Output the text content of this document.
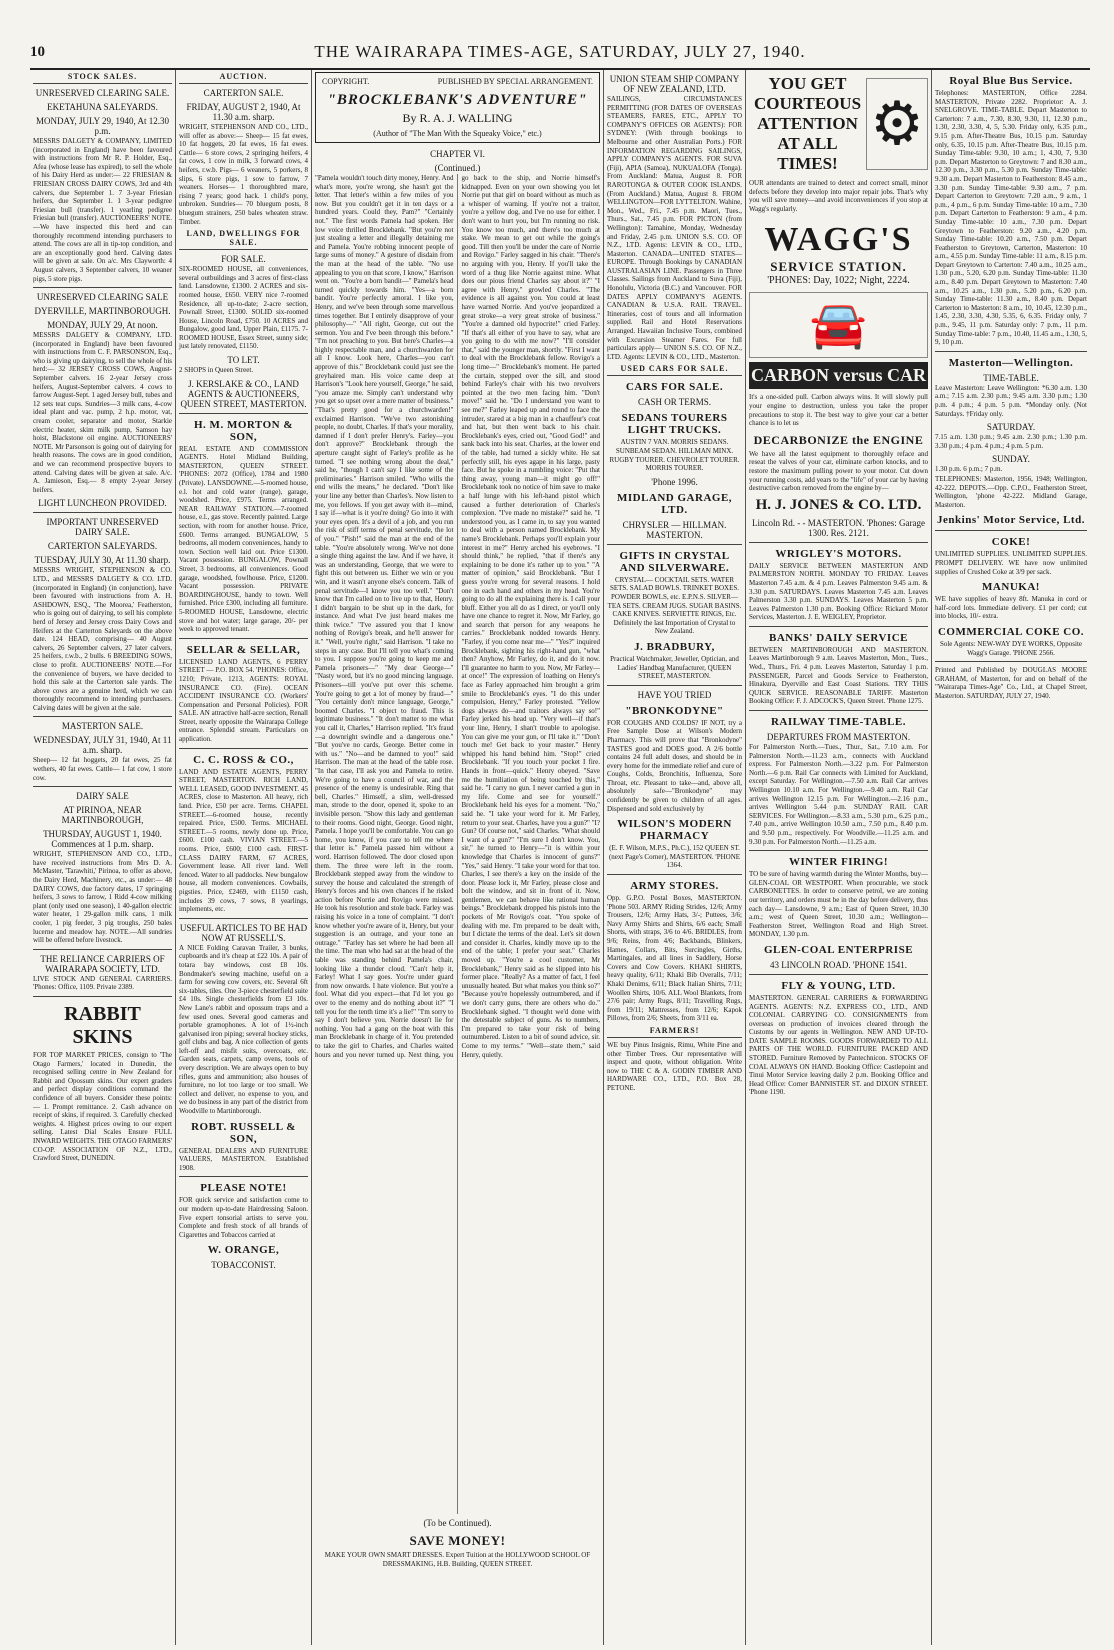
10	THE WAIRARAPA TIMES-AGE, SATURDAY, JULY 27, 1940.
STOCK SALES.
UNRESERVED CLEARING SALE.
EKETAHUNA SALEYARDS.
MONDAY, JULY 29, 1940, At 12.30 p.m.
MESSRS DALGETY & COMPANY, LIMITED (incorporated in England) have been favoured with instructions from Mr R. P. Holder, Esq., Afea (whose lease has expired), to sell the whole of his Dairy Herd as under:— 22 FRIESIAN & FRIESIAN CROSS DAIRY COWS, 3rd and 4th calvers, due September 1. 7 3-year Friesian heifers, due September 1. 1 3-year pedigree Friesian bull (transfer). 1 yearling pedigree Friesian bull (transfer). AUCTIONEERS' NOTE.—We have inspected this herd and can thoroughly recommend intending purchasers to attend. The cows are all in tip-top condition, and are an exceptionally good herd. Calving dates will be given at sale. On a/c. Mrs Clayworth: 4 August calvers, 3 September calvers, 10 weaner pigs, 5 store pigs.
UNRESERVED CLEARING SALE
DYERVILLE, MARTINBOROUGH.
MONDAY, JULY 29, At noon.
MESSRS DALGETY & COMPANY, LTD. (incorporated in England) have been favoured with instructions from C. F. PARSONSON, Esq., who is giving up dairying, to sell the whole of his herd:— 32 JERSEY CROSS COWS, August-September calvers. 16 2-year Jersey cross heifers, August-September calvers. 4 cows to farrow August-Sept. 1 aged Jersey bull, tubes and 12 sets teat cups. Sundries—3 milk cans, 4-cow ideal plant and vac. pump, 2 h.p. motor, vat, cream cooler, separator and motor, Starkie electric heater, skim milk pump, Samson hay hoist, Blackstone oil engine. AUCTIONEERS' NOTE. Mr Parsonson is going out of dairying for health reasons. The cows are in good condition, and we can recommend prospective buyers to attend. Calving dates will be given at sale. A/c. A. Jamieson, Esq.— 8 empty 2-year Jersey heifers.
LIGHT LUNCHEON PROVIDED.
IMPORTANT UNRESERVED DAIRY SALE.
CARTERTON SALEYARDS.
TUESDAY, JULY 30, At 11.30 sharp.
MESSRS WRIGHT, STEPHENSON & CO. LTD., and MESSRS DALGETY & CO. LTD. (incorporated in England) (in conjunction), have been favoured with instructions from A. H. ASHDOWN, ESQ., 'The Moorea,' Featherston, who is going out of dairying, to sell his complete herd of Jersey and Jersey cross Dairy Cows and Heifers at the Carterton Saleyards on the above date. 124 HEAD, comprising— 40 August calvers, 26 September calvers, 27 later calvers, 25 heifers, r.w.b., 2 bulls. 6 BREEDING SOWS, close to profit. AUCTIONEERS' NOTE.—For the convenience of buyers, we have decided to hold this sale at the Carterton sale yards. The above cows are a genuine herd, which we can thoroughly recommend to intending purchasers. Calving dates will be given at the sale.
MASTERTON SALE.
WEDNESDAY, JULY 31, 1940, At 11 a.m. sharp.
Sheep— 12 fat hoggets, 20 fat ewes, 25 fat wethers, 40 fat ewes. Cattle— 1 fat cow, 1 store cow.
DAIRY SALE
AT PIRINOA, NEAR MARTINBOROUGH,
THURSDAY, AUGUST 1, 1940. Commences at 1 p.m. sharp.
WRIGHT, STEPHENSON AND CO., LTD., have received instructions from Mrs D. A. McMaster, 'Tarawhiti,' Pirinoa, to offer as above, the Dairy Herd, Machinery, etc., as under:— 48 DAIRY COWS, due factory dates, 17 springing heifers, 3 sows to farrow, 1 Ridd 4-cow milking plant (only used one season), 1 40-gallon electric water heater, 1 29-gallon milk cans, 1 milk cooler, 1 pig feeder, 3 pig troughs, 250 bales lucerne and meadow hay. NOTE.—All sundries will be offered before livestock.
THE RELIANCE CARRIERS OF WAIRARAPA SOCIETY, LTD.
LIVE STOCK AND GENERAL CARRIERS. 'Phones: Office, 1109. Private 2389.
RABBIT SKINS
FOR TOP MARKET PRICES, consign to 'The Otago Farmers,' located in Dunedin, the recognised selling centre in New Zealand for Rabbit and Opossum skins. Our expert graders and perfect display conditions command the confidence of all buyers. Consider these points:— 1. Prompt remittance. 2. Cash advance on receipt of skins, if required. 3. Carefully checked weights. 4. Highest prices owing to our expert selling. Latest Dial Scales Ensure FULL INWARD WEIGHTS. THE OTAGO FARMERS' CO-OP. ASSOCIATION OF N.Z., LTD., Crawford Street, DUNEDIN.
AUCTION.
CARTERTON SALE.
FRIDAY, AUGUST 2, 1940, At 11.30 a.m. sharp.
WRIGHT, STEPHENSON AND CO., LTD., will offer as above:— Sheep— 15 fat ewes, 10 fat hoggets, 20 fat ewes, 16 fat ewes. Cattle— 6 store cows, 2 springing heifers, 4 fat cows, 1 cow in milk, 3 forward cows, 4 heifers, r.w.b. Pigs— 6 weaners, 5 porkers, 8 slips, 6 store pigs, 1 sow to farrow, 7 weaners. Horses— 1 thoroughbred mare, rising 7 years; good hack. 1 child's pony, unbroken. Sundries— 70 bluegum posts, 8 bluegum strainers, 250 bales wheaten straw. Timber.
LAND, DWELLINGS FOR SALE.
FOR SALE.
SIX-ROOMED HOUSE, all conveniences, several outbuildings and 3 acres of first-class land. Lansdowne, £1300. 2 ACRES and six-roomed house, £650. VERY nice 7-roomed Residence, all up-to-date; 2-acre section, Pownall Street, £1300. SOLID six-roomed House, Lincoln Road, £750. 10 ACRES and Bungalow, good land, Upper Plain, £1175. 7-ROOMED HOUSE, Essex Street, sunny side; just lately renovated, £1150.
TO LET.
2 SHOPS in Queen Street.
J. KERSLAKE & CO., LAND AGENTS & AUCTIONEERS, QUEEN STREET, MASTERTON.
H. M. MORTON & SON,
REAL ESTATE AND COMMISSION AGENTS. Hotel Midland Building, MASTERTON, QUEEN STREET. 'PHONES: 2072 (Office), 1784 and 1980 (Private). LANSDOWNE.—5-roomed house, e.l. hot and cold water (range), garage, woodshed. Price, £975. Terms arranged. NEAR RAILWAY STATION.—7-roomed house, e.l., gas stove. Recently painted. Large section, with room for another house. Price, £600. Terms arranged. BUNGALOW, 5 bedrooms, all modern conveniences, handy to town. Section well laid out. Price £1300. Vacant possession. BUNGALOW, Pownall Street, 3 bedrooms, all conveniences. Good garage, woodshed, fowlhouse. Price, £1200. Vacant possession. PRIVATE BOARDINGHOUSE, handy to town. Well furnished. Price £300, including all furniture. 5-ROOMED HOUSE, Lansdowne, electric stove and hot water; large garage, 20/- per week to approved tenant.
SELLAR & SELLAR,
LICENSED LAND AGENTS, 6 PERRY STREET — P.O. BOX 54. 'PHONES: Office, 1210; Private, 1213, AGENTS: ROYAL INSURANCE CO. (Fire). OCEAN ACCIDENT INSURANCE CO. (Workers' Compensation and Personal Policies). FOR SALE. AN attractive half-acre section, Renall Street, nearly opposite the Wairarapa College entrance. Splendid stream. Particulars on application.
C. C. ROSS & CO.,
LAND AND ESTATE AGENTS, PERRY STREET, MASTERTON. RICH LAND, WELL LEASED, GOOD INVESTMENT. 45 ACRES, close to Masterton. All heavy, rich land. Price, £50 per acre. Terms. CHAPEL STREET.—6-roomed house, recently repaired. Price, £500. Terms. MICHAEL STREET.—5 rooms, newly done up. Price, £600. £100 cash. VIVIAN STREET.—5 rooms. Price, £600; £100 cash. FIRST-CLASS DAIRY FARM, 67 ACRES, Government lease. All river land. Well fenced. Water to all paddocks. New bungalow house, all modern conveniences. Cowbails, pigsties. Price, £2469, with £1150 cash, includes 39 cows, 7 sows, 8 yearlings, implements, etc.
USEFUL ARTICLES TO BE HAD NOW AT RUSSELL'S.
A NICE Folding Caravan Trailer, 3 bunks, cupboards and it's cheap at £22 10s. A pair of totara bay windows, cost £8 10s. Bondmaker's sewing machine, useful on a farm for sewing cow covers, etc. Several 6ft six-tables, tiles. One 3-piece chesterfield suite £4 10s. Single chesterfields from £3 10s. New Lane's rabbit and opossum traps and a few used ones. Several good cameras and portable gramophones. A lot of 1½-inch galvanised iron piping; several hockey sticks, golf clubs and bag. A nice collection of gents left-off and misfit suits, overcoats, etc. Garden seats, carpets, camp ovens, tools of every description. We are always open to buy rifles, guns and ammunition; also houses of furniture, no lot too large or too small. We collect and deliver, no expense to you, and we do business in any part of the district from Woodville to Martinborough.
ROBT. RUSSELL & SON,
GENERAL DEALERS AND FURNITURE VALUERS, MASTERTON. Established 1908.
PLEASE NOTE!
FOR quick service and satisfaction come to our modern up-to-date Hairdressing Saloon. Five expert tonsorial artists to serve you. Complete and fresh stock of all brands of Cigarettes and Tobaccos carried at
W. ORANGE,
TOBACCONIST.
COPYRIGHT.	PUBLISHED BY SPECIAL ARRANGEMENT.
"BROCKLEBANK'S ADVENTURE"
By R. A. J. WALLING
(Author of "The Man With the Squeaky Voice," etc.)
CHAPTER VI.
(Continued.)
"Pamela wouldn't touch dirty money, Henry. And what's more, you're wrong, she hasn't got the letter. That letter's within a few miles of you now. But you couldn't get it in ten days or a hundred years. Could they, Pam?" "Certainly not." The first words Pamela had spoken. Her low voice thrilled Brocklebank. "But you're not just stealing a letter and illegally detaining me and Pamela. You're robbing innocent people of large sums of money." A gesture of disdain from the man at the head of the table. "No use appealing to you on that score, I know," Harrison went on. "You're a born bandit—" Pamela's head turned quickly towards him. "Yes—a born bandit. You're perfectly amoral. I like you, Henry, and we've been through some marvellous times together. But I entirely disapprove of your philosophy—" "All right, George, cut out the sermon. You and I've been through this before." "I'm not preaching to you. But here's Charles—a highly respectable man, and a churchwarden for all I know. Look here, Charles—you can't approve of this." Brocklebank could just see the greyhaired man. His voice came deep at Harrison's "Look here yourself, George," he said, "you amaze me. Simply can't understand why you get so upset over a mere matter of business." "That's pretty good for a churchwarden!" exclaimed Harrison. "We've two astonishing people, no doubt, Charles. If that's your morality, damned if I don't prefer Henry's. Farley—you don't approve?" Brocklebank through the aperture caught sight of Farley's profile as he turned. "I see nothing wrong about the deal," said he, "though I can't say I like some of the preliminaries." Harrison smiled. "Who wills the end wills the means," he declared. "Don't like your line any better than Charles's. Now listen to me, you fellows. If you get away with it—mind, I say if—what is it you're doing? Go into it with your eyes open. It's a devil of a job, and you run the risk of stiff terms of penal servitude, the lot of you." "Pish!" said the man at the end of the table. "You're absolutely wrong. We've not done a single thing against the law. And if we have, it was an understanding, George, that we were to fight this out between us. Either we win or you win, and it wasn't anyone else's concern. Talk of penal servitude—I know you too well." "Don't know that I'm called on to live up to that, Henry. I didn't bargain to be shut up in the dark, for instance. And what I've just heard makes me think twice." "I've assured you that I know nothing of Rovigo's break, and he'll answer for it." "Well, you're right," said Harrison. "I take no steps in any case. But I'll tell you what's coming to you. I suppose you're going to keep me and Pamela prisoners—" "My dear George—" "Nasty word, but it's no good mincing language. Prisoners—till you've put over this scheme. You're going to get a lot of money by fraud—" "You certainly don't mince language, George," boomed Charles. "I object to fraud. This is legitimate business." "It don't matter to me what you call it, Charles," Harrison replied. "It's fraud—a downright swindle and a dangerous one." "But you've no cards, George. Better come in with us." "No—and be damned to you!" said Harrison. The man at the head of the table rose. "In that case, I'll ask you and Pamela to retire. We're going to have a council of war, and the presence of the enemy is undesirable. Ring that bell, Charles." Himself, a slim, well-dressed man, strode to the door, opened it, spoke to an invisible person. "Show this lady and gentleman to their rooms. Good night, George. Good night, Pamela. I hope you'll be comfortable. You can go home, you know, if you care to tell me where that letter is." Pamela passed him without a word. Harrison followed. The door closed upon them. The three were left in the room. Brocklebank stepped away from the window to survey the house and calculated the strength of Henry's forces and his own chances if he risked action before Norrie and Rovigo were missed. He took his resolution and stole back. Farley was raising his voice in a tone of complaint. "I don't know whether you're aware of it, Henry, but your suggestion is an outrage, and your tone an outrage." "Farley has set where he had been all the time. The man who had sat at the head of the table was standing behind Pamela's chair, looking like a thunder cloud. "Can't help it, Farley! What I say goes. You're under guard from now onwards. I hate violence. But you're a fool. What did you expect—that I'd let you go over to the enemy and do nothing about it?" "I tell you for the tenth time it's a lie!" "I'm sorry to say I don't believe you. Norrie doesn't lie for nothing. You had a gang on the boat with this man Brocklebank in charge of it. You pretended to take the girl to Charles, and Charles waited hours and you never turned up. Next thing, you go back to the ship, and Norrie himself's kidnapped. Even on your own showing you let Norrie put that girl on board without as much as a whisper of warning. If you're not a traitor, you're a yellow dog, and I've no use for either. I don't want to hurt you, but I'm running no risk. You know too much, and there's too much at stake. We mean to get out while the going's good. Till then you'll be under the care of Norrie and Rovigo." Farley sagged in his chair. "There's no arguing with you, Henry. If you'll take the word of a thug like Norrie against mine. What does our pious friend Charles say about it?" "I agree with Henry," growled Charles. "The evidence is all against you. You could at least have warned Norrie. And you've jeopardized a great stroke—a very great stroke of business." "You're a damned old hypocrite!" cried Farley. "If that's all either of you have to say, what are you going to do with me now?" "I'll consider that," said the younger man, shortly. "First I want to deal with the Brocklebank fellow. Rovigo's a long time—" Brocklebank's moment. He parted the curtain, stepped over the sill, and stood behind Farley's chair with his two revolvers pointed at the two men facing him. "Don't move!" said he. "Do I understand you want to see me?" Farley leaped up and round to face the intruder, stared at a big man in a chauffeur's coat and hat, but then went back to his chair. Brocklebank's eyes, cried out, "Good God!" and sank back into his seat. Charles, at the lower end of the table, had turned a sickly white. He sat perfectly still, his eyes agape in his large, pasty face. But he spoke in a rumbling voice: "Put that thing away, young man—it might go off!" Brocklebank took no notice of him save to make a half lunge with his left-hand pistol which caused a further deterioration of Charles's complexion. "I've made no mistake?" said he. "I understood you, as I came in, to say you wanted to deal with a person named Brocklebank. My name's Brocklebank. Perhaps you'll explain your interest in me?" Henry arched his eyebrows. "I should think," he replied, "that if there's any explaining to be done it's rather up to you." "A matter of opinion," said Brocklebank. "But I guess you're wrong for several reasons. I hold one in each hand and others in my head. You're going to do all the explaining there is. I call your bluff. Either you all do as I direct, or you'll only have one chance to regret it. Now, Mr Farley, go and search that person for any weapons he carries." Brocklebank nodded towards Henry. "Farley, if you come near me—" "Yes?" inquired Brocklebank, sighting his right-hand gun, "what then? Anyhow, Mr Farley, do it, and do it now. I'll guarantee no harm to you. Now, Mr Farley—at once!" The expression of loathing on Henry's face as Farley approached him brought a grim smile to Brocklebank's eyes. "I do this under compulsion, Henry," Farley protested. "Yellow dogs always do—and traitors always say so!" Farley jerked his head up. "Very well—if that's your line, Henry, I shan't trouble to apologise. You can give me your gun, or I'll take it." "Don't touch me! Get back to your master." Henry whipped his hand behind him. "Stop!" cried Brocklebank. "If you touch your pocket I fire. Hands in front—quick." Henry obeyed. "Save me the humiliation of being touched by this," said he. "I carry no gun. I never carried a gun in my life. Come and see for yourself." Brocklebank held his eyes for a moment. "No," said he. "I take your word for it. Mr Farley, return to your seat. Charles, have you a gun?" "I? Gun? Of course not," said Charles. "What should I want of a gun?" "I'm sure I don't know. You, sir," he turned to Henry—"it is within your knowledge that Charles is innocent of guns?" "Yes," said Henry. "I take your word for that too. Charles, I see there's a key on the inside of the door. Please lock it, Mr Farley, please close and bolt the window, and sit in front of it. Now, gentlemen, we can behave like rational human beings." Brocklebank dropped his pistols into the pockets of Mr Rovigo's coat. "You spoke of dealing with me. I'm prepared to be dealt with, but I dictate the terms of the deal. Let's sit down and consider it. Charles, kindly move up to the end of the table; I prefer your seat." Charles moved up. "You're a cool customer, Mr Brocklebank," Henry said as he slipped into his former place. "Really? As a matter of fact, I feel unusually heated. But what makes you think so?" "Because you're hopelessly outnumbered, and if we don't carry guns, there are others who do." Brocklebank sighed. "I thought we'd done with the detestable subject of guns. As to numbers, I'm prepared to take your risk of being outnumbered. Listen to a bit of sound advice, sir. Come to my terms." "Well—state them," said Henry, quietly.
(To be Continued).
SAVE MONEY!
MAKE YOUR OWN SMART DRESSES. Expert Tuition at the HOLLYWOOD SCHOOL OF DRESSMAKING, H.B. Building, QUEEN STREET.
UNION STEAM SHIP COMPANY OF NEW ZEALAND, LTD.
SAILINGS, CIRCUMSTANCES PERMITTING (FOR DATES OF OVERSEAS STEAMERS, FARES, ETC., APPLY TO COMPANY'S OFFICES OR AGENTS): FOR SYDNEY: (With through bookings to Melbourne and other Australian Ports.) FOR INFORMATION REGARDING SAILINGS, APPLY COMPANY'S AGENTS. FOR SUVA (Fiji), APIA (Samoa), NUKUALOFA (Tonga). From Auckland: Matua, August 8. FOR RAROTONGA & OUTER COOK ISLANDS. (From Auckland.) Matua, August 8. FROM WELLINGTON—FOR LYTTELTON. Wahine, Mon., Wed., Fri., 7.45 p.m. Maori, Tues., Thurs., Sat., 7.45 p.m. FOR PICTON (from Wellington): Tamahine, Monday, Wednesday and Friday, 2.45 p.m. UNION S.S. CO. OF N.Z., LTD. Agents: LEVIN & CO., LTD., Masterton. CANADA—UNITED STATES—EUROPE. Through Bookings by CANADIAN AUSTRALASIAN LINE. Passengers in Three Classes. Sailings from Auckland to Suva (Fiji), Honolulu, Victoria (B.C.) and Vancouver. FOR DATES APPLY COMPANY'S AGENTS. CANADIAN & U.S.A. RAIL TRAVEL. Itineraries, cost of tours and all information supplied. Rail and Hotel Reservations Arranged. Hawaiian Inclusive Tours, combined with Excursion Steamer Fares. For full particulars apply— UNION S.S. CO. OF N.Z., LTD. Agents: LEVIN & CO., LTD., Masterton.
USED CARS FOR SALE.
CARS FOR SALE.
CASH OR TERMS.
SEDANS TOURERS LIGHT TRUCKS.
AUSTIN 7 VAN. MORRIS SEDANS. SUNBEAM SEDAN. HILLMAN MINX. RUGBY TOURER. CHEVROLET TOURER. MORRIS TOURER.
'Phone 1996.
MIDLAND GARAGE, LTD.
CHRYSLER — HILLMAN. MASTERTON.
GIFTS IN CRYSTAL AND SILVERWARE.
CRYSTAL— COCKTAIL SETS. WATER SETS. SALAD BOWLS. TRINKET BOXES. POWDER BOWLS, etc. E.P.N.S. SILVER— TEA SETS. CREAM JUGS. SUGAR BASINS. CAKE KNIVES. SERVIETTE RINGS, Etc. Definitely the last Importation of Crystal to New Zealand.
J. BRADBURY,
Practical Watchmaker, Jeweller, Optician, and Ladies' Handbag Manufacturer, QUEEN STREET, MASTERTON.
HAVE YOU TRIED
"BRONKODYNE"
FOR COUGHS AND COLDS? IF NOT, try a Free Sample Dose at Wilson's Modern Pharmacy. This will prove that "Bronkodyne" TASTES good and DOES good. A 2/6 bottle contains 24 full adult doses, and should be in every home for the immediate relief and cure of Coughs, Colds, Bronchitis, Influenza, Sore Throat, etc. Pleasant to take—and, above all, absolutely safe—"Bronkodyne" may confidently be given to children of all ages. Dispensed and sold exclusively by
WILSON'S MODERN PHARMACY
(E. F. Wilson, M.P.S., Ph.C.), 152 QUEEN ST. (next Page's Corner), MASTERTON. 'PHONE 1364.
ARMY STORES.
Opp. G.P.O. Postal Boxes, MASTERTON. 'Phone 503. ARMY Riding Strides, 12/6; Army Trousers, 12/6; Army Hats, 3/-; Puttees, 3/6; Navy Army Shirts and Shirts, 6/6 each; Small Shorts, with straps, 3/6 to 4/6. BRIDLES, from 9/6; Reins, from 4/6; Backbands, Blinkers, Hames, Collars, Bits, Surcingles, Girths, Martingales, and all lines in Saddlery, Horse Covers and Cow Covers. KHAKI SHIRTS, heavy quality, 6/11; Khaki Bib Overalls, 7/11; Khaki Denims, 6/11; Black Italian Shirts, 7/11; Woollen Shirts, 10/6. ALL Wool Blankets, from 27/6 pair; Army Rugs, 8/11; Travelling Rugs, from 19/11; Mattresses, from 12/6; Kapok Pillows, from 2/6; Sheets, from 3/11 ea.
FARMERS!
WE buy Pinus Insignis, Rimu, White Pine and other Timber Trees. Our representative will inspect and quote, without obligation. Write now to THE C & A. GODIN TIMBER AND HARDWARE CO., LTD., P.O. Box 28, PETONE.
YOU GET COURTEOUS ATTENTION AT ALL TIMES!
⚙
OUR attendants are trained to detect and correct small, minor defects before they develop into major repair jobs. That's why you will save money—and avoid inconveniences if you stop at Wagg's regularly.
WAGG'S
SERVICE STATION.
'PHONES: Day, 1022; Night, 2224.
🚘
CARBON versus CAR
It's a one-sided pull. Carbon always wins. It will slowly pull your engine to destruction, unless you take the proper precautions to stop it. The best way to give your car a better chance is to let us
DECARBONIZE the ENGINE
We have all the latest equipment to thoroughly reface and reseat the valves of your car, eliminate carbon knocks, and to restore the maximum pulling power to your motor. Cut down your running costs, add years to the "life" of your car by having destructive carbon removed from the engine by—
H. J. JONES & CO. LTD.
Lincoln Rd. - - MASTERTON. 'Phones: Garage 1300. Res. 2121.
WRIGLEY'S MOTORS.
DAILY SERVICE BETWEEN MASTERTON AND PALMERSTON NORTH. MONDAY TO FRIDAY. Leaves Masterton 7.45 a.m. & 4 p.m. Leaves Palmerston 9.45 a.m. & 3.30 p.m. SATURDAYS. Leaves Masterton 7.45 a.m. Leaves Palmerston 3.30 p.m. SUNDAYS. Leaves Masterton 5 p.m. Leaves Palmerston 1.30 p.m. Booking Office: Rickard Motor Services, Masterton. J. E. WEIGLEY, Proprietor.
BANKS' DAILY SERVICE
BETWEEN MARTINBOROUGH AND MASTERTON. Leaves Martinborough 9 a.m. Leaves Masterton, Mon., Tues., Wed., Thurs., Fri. 4 p.m. Leaves Masterton, Saturday 1 p.m. PASSENGER, Parcel and Goods Service to Featherston, Hinakura, Dyerville and East Coast Stations. TRY THIS QUICK SERVICE. REASONABLE TARIFF. Masterton Booking Office: F. J. ADCOCK'S, Queen Street. 'Phone 1275.
RAILWAY TIME-TABLE.
DEPARTURES FROM MASTERTON.
For Palmerston North.—Tues., Thur., Sat., 7.10 a.m. For Palmerston North.—11.23 a.m., connects with Auckland express. For Palmerston North.—3.22 p.m. For Palmerston North.—6 p.m. Rail Car connects with Limited for Auckland, except Saturday. For Wellington.—7.50 a.m. Rail Car arrives Wellington 10.10 a.m. For Wellington.—9.40 a.m. Rail Car arrives Wellington 12.15 p.m. For Wellington.—2.16 p.m., arrives Wellington 5.44 p.m. SUNDAY RAIL CAR SERVICES. For Wellington.—8.33 a.m., 5.30 p.m., 6.25 p.m., 7.40 p.m., arrive Wellington 10.50 a.m., 7.50 p.m., 8.40 p.m. and 9.50 p.m., respectively. For Woodville.—11.25 a.m. and 9.30 p.m. For Palmerston North.—11.25 a.m.
WINTER FIRING!
TO be sure of having warmth during the Winter Months, buy— GLEN-COAL OR WESTPORT. When procurable, we stock CARBONETTES. In order to conserve petrol, we are zoning our territory, and orders must be in the day before delivery, thus each day— Lansdowne, 9 a.m.; East of Queen Street, 10.30 a.m.; west of Queen Street, 10.30 a.m.; Wellington—Featherston Street, Wellington Road and High Street. MONDAY, 1.30 p.m.
GLEN-COAL ENTERPRISE
43 LINCOLN ROAD. 'PHONE 1541.
FLY & YOUNG, LTD.
MASTERTON. GENERAL CARRIERS & FORWARDING AGENTS. AGENTS: N.Z. EXPRESS CO., LTD., AND COLONIAL CARRYING CO. CONSIGNMENTS from overseas on production of invoices cleared through the Customs by our agents in Wellington. NEW AND UP-TO-DATE SAMPLE ROOMS. GOODS FORWARDED TO ALL PARTS OF THE WORLD. FURNITURE PACKED AND STORED. Furniture Removed by Pantechnicon. STOCKS OF COAL ALWAYS ON HAND. Booking Office: Castlepoint and Tinui Motor Service leaving daily 2 p.m. Booking Office and Head Office: Corner BANNISTER ST. and DIXON STREET. 'Phone 1190.
Royal Blue Bus Service.
Telephones: MASTERTON, Office 2284. MASTERTON, Private 2282. Proprietor: A. J. SNELGROVE. TIME-TABLE. Depart Masterton to Carterton: 7 a.m., 7.30, 8.30, 9.30, 11, 12.30 p.m., 1.30, 2.30, 3.30, 4, 5, 5.30. Friday only, 6.35 p.m., 9.15 p.m. After-Theatre Bus, 10.15 p.m. Saturday only, 6.35, 10.15 p.m. After-Theatre Bus, 10.15 p.m. Sunday Time-table: 9.30, 10 a.m.; 1, 4.30, 7, 9.30 p.m. Depart Masterton to Greytown: 7 and 8.30 a.m., 12.30 p.m., 3.30 p.m., 5.30 p.m. Sunday Time-table: 9.30 a.m. Depart Masterton to Featherston: 8.45 a.m., 3.30 p.m. Sunday Time-table: 9.30 a.m., 7 p.m. Depart Carterton to Greytown: 7.20 a.m., 9 a.m., 1 p.m., 4 p.m., 6 p.m. Sunday Time-table: 10 a.m., 7.30 p.m. Depart Carterton to Featherston: 9 a.m., 4 p.m. Sunday Time-table: 10 a.m., 7.30 p.m. Depart Greytown to Featherston: 9.20 a.m., 4.20 p.m. Sunday Time-table: 10.20 a.m., 7.50 p.m. Depart Featherston to Greytown, Carterton, Masterton: 10 a.m., 4.55 p.m. Sunday Time-table: 11 a.m., 8.15 p.m. Depart Greytown to Carterton: 7.40 a.m., 10.25 a.m., 1.30 p.m., 5.20, 6.20 p.m. Sunday Time-table: 11.30 a.m., 8.40 p.m. Depart Greytown to Masterton: 7.40 a.m., 10.25 a.m., 1.30 p.m., 5.20 p.m., 6.20 p.m. Sunday Time-table: 11.30 a.m., 8.40 p.m. Depart Carterton to Masterton: 8 a.m., 10, 10.45, 12.30 p.m., 1.45, 2.30, 3.30, 4.30, 5.35, 6, 6.35. Friday only, 7 p.m., 9.45, 11 p.m. Saturday only: 7 p.m., 11 p.m. Sunday Time-table: 7 p.m., 10.40, 11.45 a.m., 1.30, 5, 9, 10 p.m.
Masterton—Wellington.
TIME-TABLE.
Leave Masterton: Leave Wellington: *6.30 a.m. 1.30 a.m.; 7.15 a.m. 2.30 p.m.; 9.45 a.m. 3.30 p.m.; 1.30 p.m. 4 p.m.; 4 p.m. 5 p.m. *Monday only. (Not Saturdays. †Friday only.
SATURDAY.
7.15 a.m. 1.30 p.m.; 9.45 a.m. 2.30 p.m.; 1.30 p.m. 3.30 p.m.; 4 p.m. 4 p.m.; 4 p.m. 5 p.m.
SUNDAY.
1.30 p.m. 6 p.m.; 7 p.m.
TELEPHONES: Masterton, 1956, 1948; Wellington, 42-222. DEPOTS.—Opp. C.P.O., Featherston Street, Wellington, 'phone 42-222. Midland Garage, Masterton.
Jenkins' Motor Service, Ltd.
COKE!
UNLIMITED SUPPLIES. UNLIMITED SUPPLIES. PROMPT DELIVERY. WE have now unlimited supplies of Crushed Coke at 3/9 per sack.
MANUKA!
WE have supplies of heavy 8ft. Manuka in cord or half-cord lots. Immediate delivery. £1 per cord; cut into blocks, 10/- extra.
COMMERCIAL COKE CO.
Sole Agents: NEW-WAY DYE WORKS, Opposite Wagg's Garage. 'PHONE 2566.
Printed and Published by DOUGLAS MOORE GRAHAM, of Masterton, for and on behalf of the "Wairarapa Times-Age" Co., Ltd., at Chapel Street, Masterton. SATURDAY, JULY 27, 1940.
